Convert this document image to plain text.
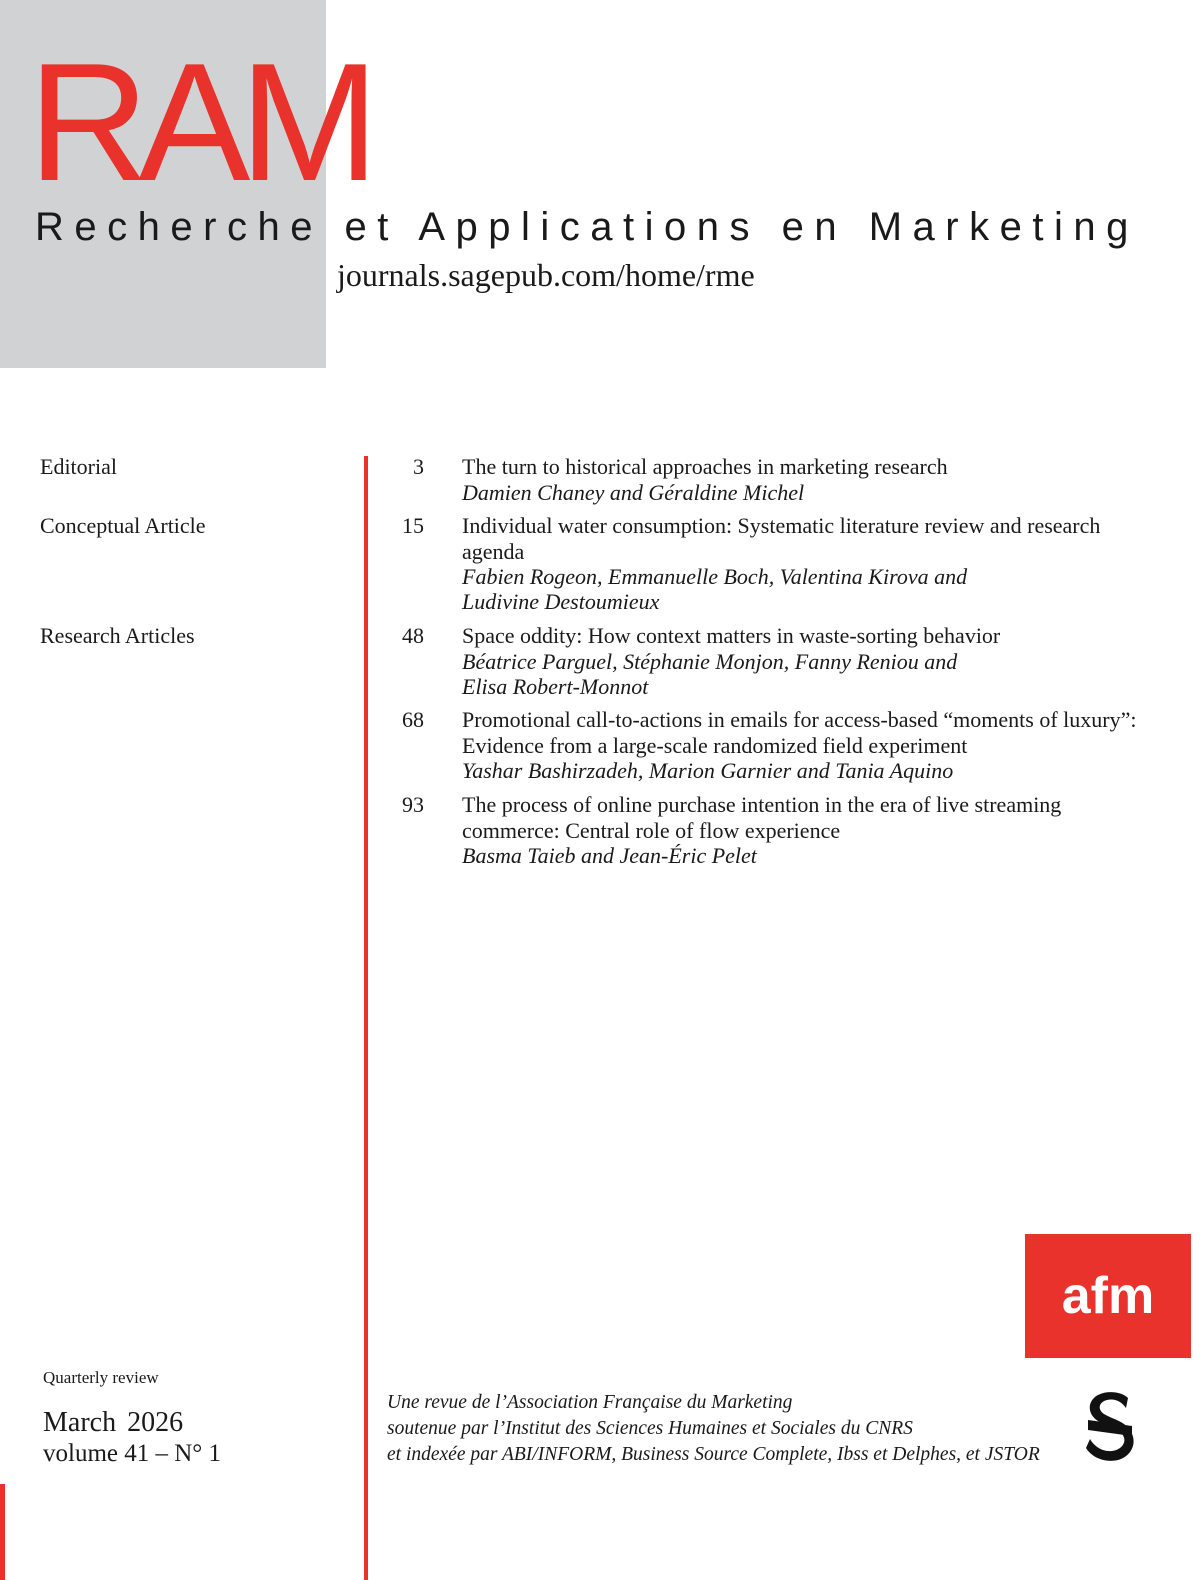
RAM
Recherche et Applications en Marketing
journals.sagepub.com/home/rme
Editorial
Conceptual Article
Research Articles
3 The turn to historical approaches in marketing research
Damien Chaney and Géraldine Michel
15 Individual water consumption: Systematic literature review and research agenda
Fabien Rogeon, Emmanuelle Boch, Valentina Kirova and Ludivine Destoumieux
48 Space oddity: How context matters in waste-sorting behavior
Béatrice Parguel, Stéphanie Monjon, Fanny Reniou and Elisa Robert-Monnot
68 Promotional call-to-actions in emails for access-based “moments of luxury”: Evidence from a large-scale randomized field experiment
Yashar Bashirzadeh, Marion Garnier and Tania Aquino
93 The process of online purchase intention in the era of live streaming commerce: Central role of flow experience
Basma Taieb and Jean-Éric Pelet
afm
Quarterly review
March 2026
volume 41 – N° 1
Une revue de l’Association Française du Marketing
soutenue par l’Institut des Sciences Humaines et Sociales du CNRS
et indexée par ABI/INFORM, Business Source Complete, Ibss et Delphes, et JSTOR
